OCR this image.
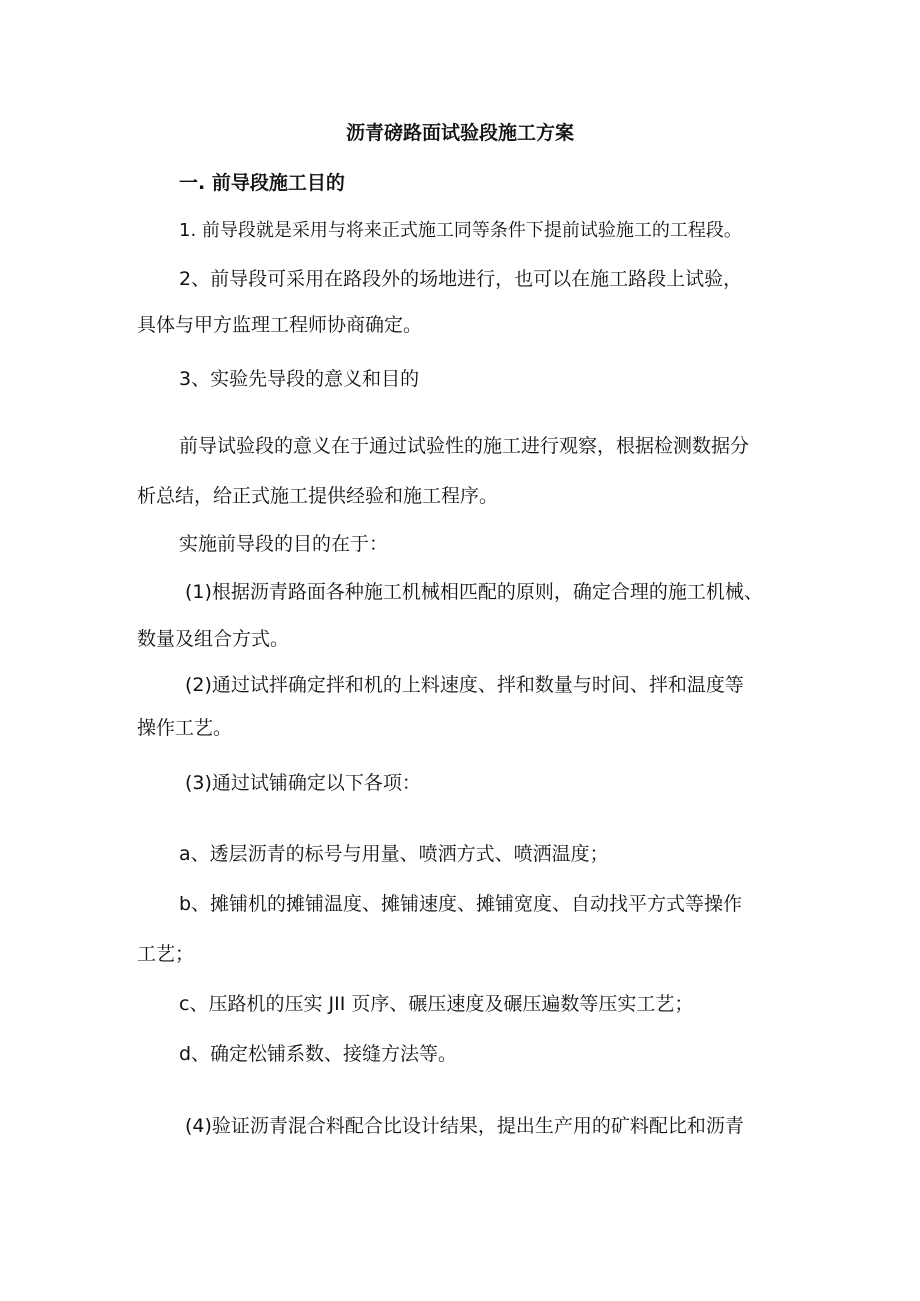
沥青磅路面试验段施工方案

一. 前导段施工目的

1. 前导段就是采用与将来正式施工同等条件下提前试验施工的工程段。

2、前导段可采用在路段外的场地进行，也可以在施工路段上试验，

具体与甲方监理工程师协商确定。

3、实验先导段的意义和目的

前导试验段的意义在于通过试验性的施工进行观察，根据检测数据分

析总结，给正式施工提供经验和施工程序。

实施前导段的目的在于：

(1)根据沥青路面各种施工机械相匹配的原则，确定合理的施工机械、

数量及组合方式。

(2)通过试拌确定拌和机的上料速度、拌和数量与时间、拌和温度等

操作工艺。

(3)通过试铺确定以下各项：

a、透层沥青的标号与用量、喷洒方式、喷洒温度；

b、摊铺机的摊铺温度、摊铺速度、摊铺宽度、自动找平方式等操作

工艺；

c、压路机的压实 JII 页序、碾压速度及碾压遍数等压实工艺；

d、确定松铺系数、接缝方法等。

(4)验证沥青混合料配合比设计结果，提出生产用的矿料配比和沥青
